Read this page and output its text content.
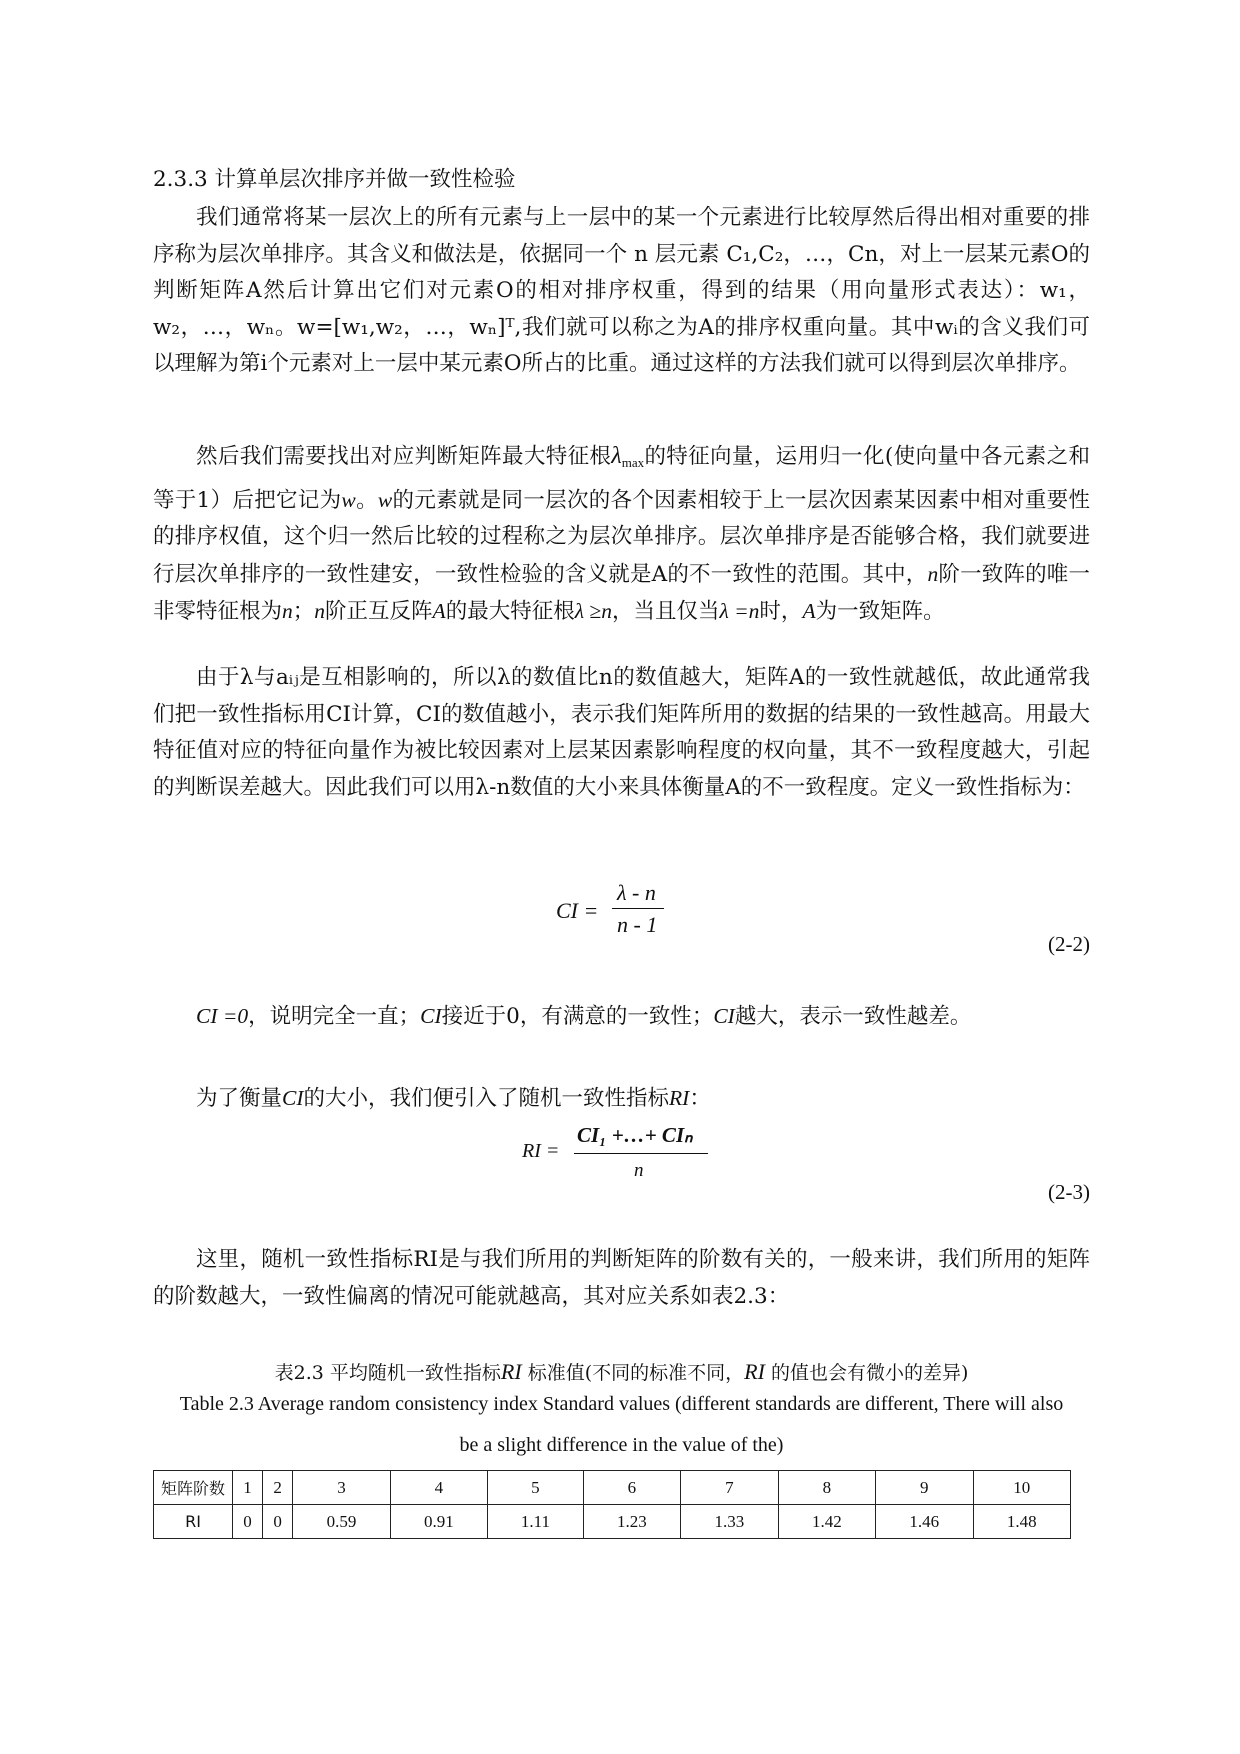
2.3.3 计算单层次排序并做一致性检验
我们通常将某一层次上的所有元素与上一层中的某一个元素进行比较厚然后得出相对重要的排序称为层次单排序。其含义和做法是，依据同一个 n 层元素 C₁,C₂，…，Cn，对上一层某元素O的判断矩阵A然后计算出它们对元素O的相对排序权重，得到的结果（用向量形式表达）：w₁，w₂，…，wₙ。w=[w₁,w₂，…，wₙ]ᵀ,我们就可以称之为A的排序权重向量。其中wᵢ的含义我们可以理解为第i个元素对上一层中某元素O所占的比重。通过这样的方法我们就可以得到层次单排序。
然后我们需要找出对应判断矩阵最大特征根$\lambda_{max}$的特征向量，运用归一化(使向量中各元素之和等于1）后把它记为w。w的元素就是同一层次的各个因素相较于上一层次因素某因素中相对重要性的排序权值，这个归一然后比较的过程称之为层次单排序。层次单排序是否能够合格，我们就要进行层次单排序的一致性建安，一致性检验的含义就是A的不一致性的范围。其中，n阶一致阵的唯一非零特征根为n；n阶正互反阵A的最大特征根λ ≥n，当且仅当λ =n时，A为一致矩阵。
由于λ与aᵢⱼ是互相影响的，所以λ的数值比n的数值越大，矩阵A的一致性就越低，故此通常我们把一致性指标用CI计算，CI的数值越小，表示我们矩阵所用的数据的结果的一致性越高。用最大特征值对应的特征向量作为被比较因素对上层某因素影响程度的权向量，其不一致程度越大，引起的判断误差越大。因此我们可以用λ-n数值的大小来具体衡量A的不一致程度。定义一致性指标为：
CI =
λ - n
n - 1
(2-2)
CI =0，说明完全一直；CI接近于0，有满意的一致性；CI越大，表示一致性越差。
为了衡量CI的大小，我们便引入了随机一致性指标RI：
RI =
CI₁ +…+ CIₙ
n
(2-3)
这里，随机一致性指标RI是与我们所用的判断矩阵的阶数有关的，一般来讲，我们所用的矩阵的阶数越大，一致性偏离的情况可能就越高，其对应关系如表2.3：
表2.3 平均随机一致性指标RI 标准值(不同的标准不同，RI 的值也会有微小的差异)
Table 2.3 Average random consistency index Standard values (different standards are different, There will also be a slight difference in the value of the)
矩阵阶数	1	2	3	4	5	6	7	8	9	10
RI	0	0	0.59	0.91	1.11	1.23	1.33	1.42	1.46	1.48
